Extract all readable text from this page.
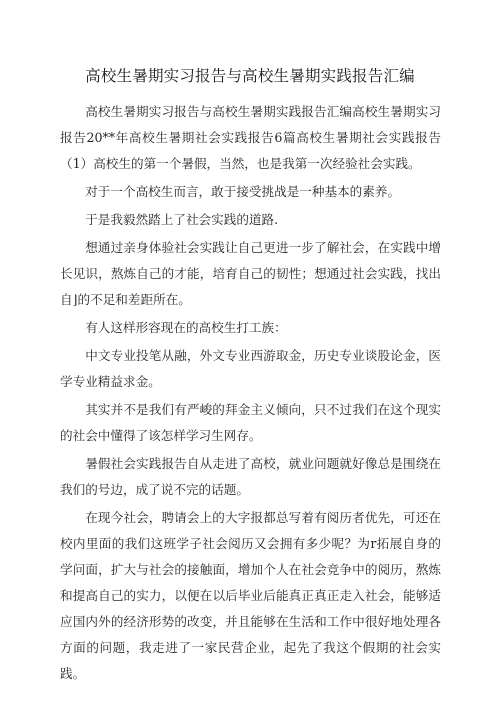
高校生暑期实习报告与高校生暑期实践报告汇编

高校生暑期实习报告与高校生暑期实践报告汇编高校生暑期实习报告20**年高校生暑期社会实践报告6篇高校生暑期社会实践报告（1）高校生的第一个暑假，当然，也是我第一次经验社会实践。

对于一个高校生而言，敢于接受挑战是一种基本的素养。

于是我毅然踏上了社会实践的道路.

想通过亲身体验社会实践让自己更进一步了解社会，在实践中增长见识，熬炼自己的才能，培育自己的韧性；想通过社会实践，找出自⌋的不足和差距所在。

有人这样形容现在的高校生打工族：

中文专业投笔从融，外文专业西游取金，历史专业谈股论金，医学专业精益求金。

其实并不是我们有严峻的拜金主义倾向，只不过我们在这个现实的社会中懂得了该怎样学习生网存。

暑假社会实践报告自从走进了高校，就业问题就好像总是围绕在我们的号边，成了说不完的话题。

在现今社会，聘请会上的大字报都总写着有阅历者优先，可还在校内里面的我们这班学子社会阅历又会拥有多少呢？为r拓展自身的学问面，扩大与社会的接触面，增加个人在社会竞争中的阅历，熬炼和提高自己的实力，以便在以后毕业后能真正真正走入社会，能够适应国内外的经济形势的改变，并且能够在生活和工作中很好地处理各方面的问题，我走进了一家民营企业，起先了我这个假期的社会实践。
